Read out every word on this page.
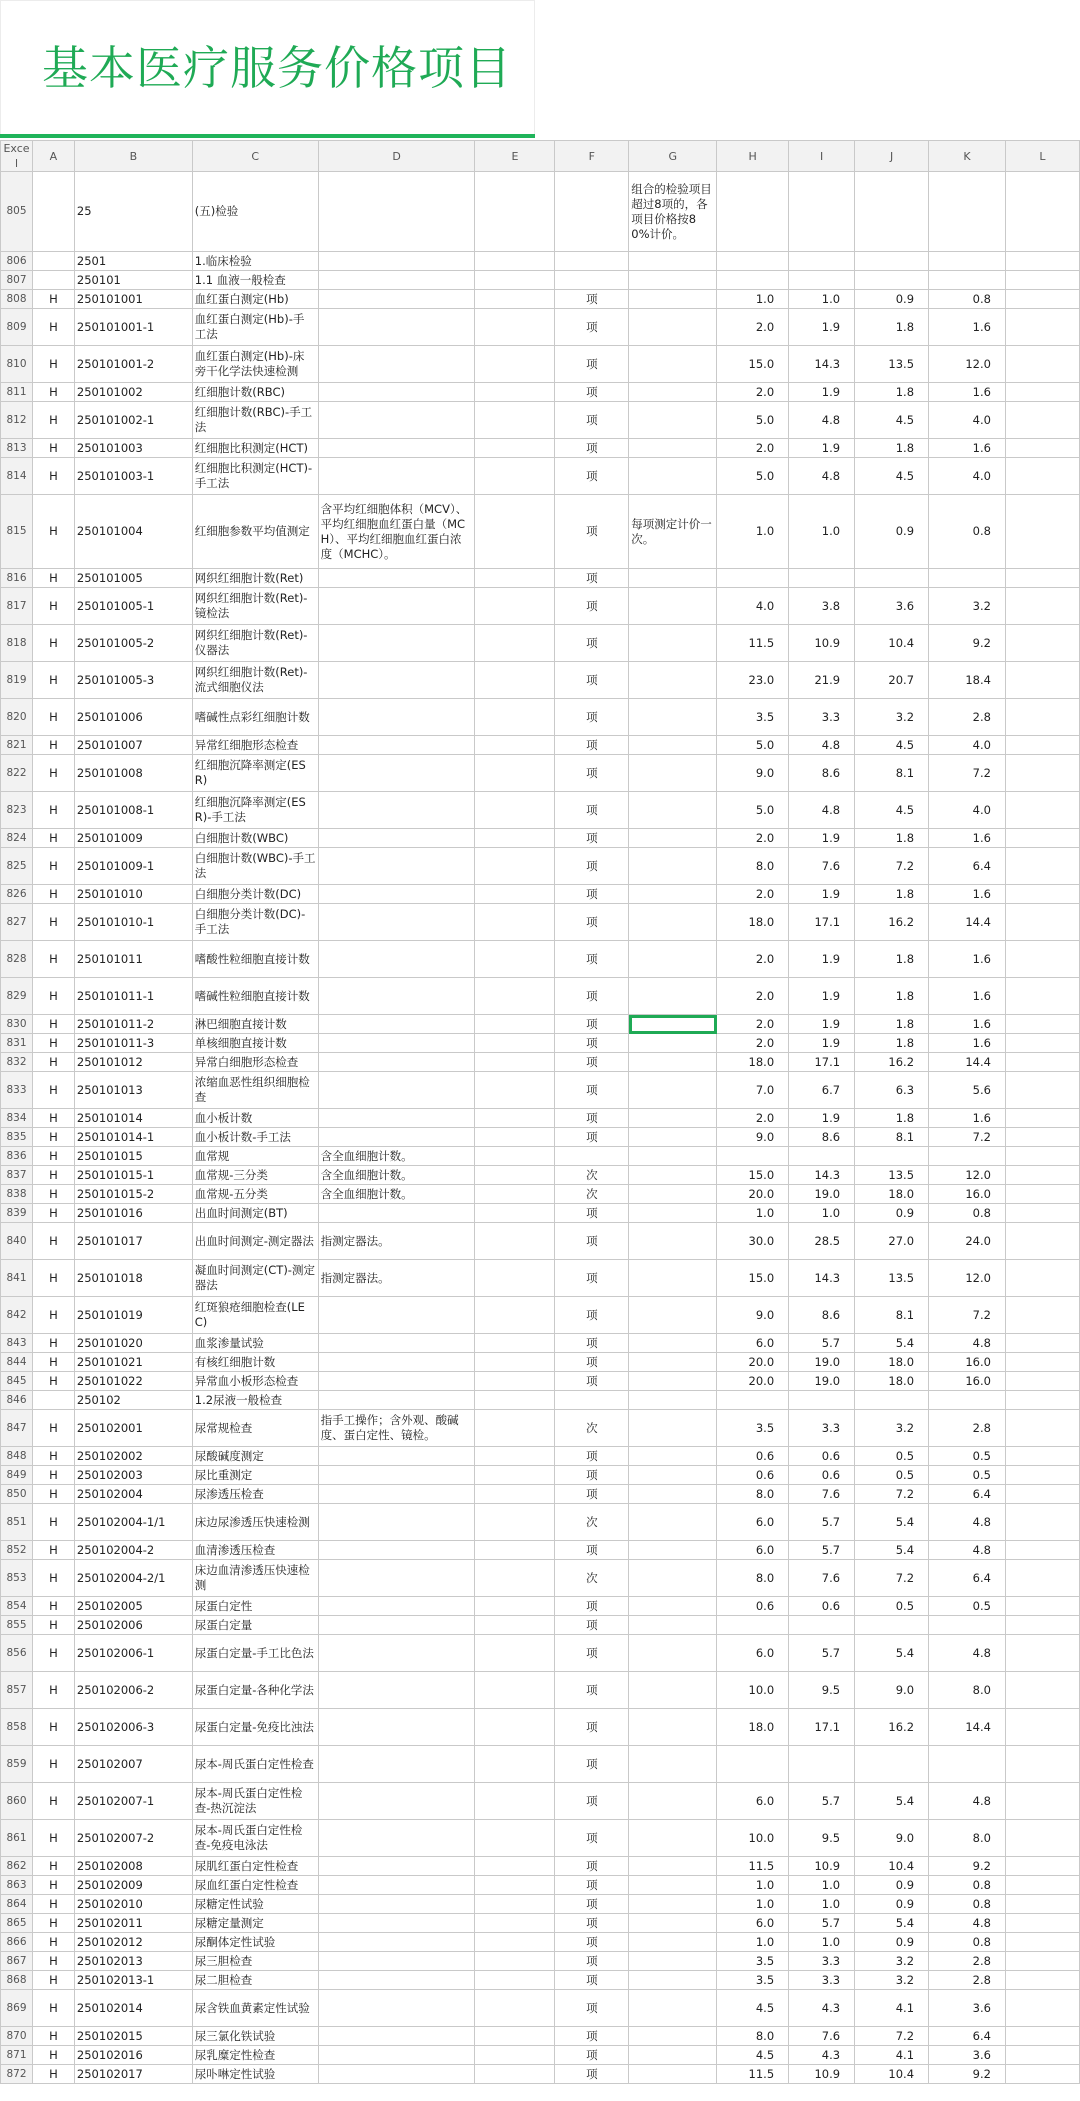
基本医疗服务价格项目
Excel	A	B	C	D	E	F	G	H	I	J	K	L
805		25	(五)检验				组合的检验项目超过8项的，各项目价格按80%计价。					
806		2501	1.临床检验									
807		250101	1.1 血液一般检查									
808	H	250101001	血红蛋白测定(Hb)			项		1.0	1.0	0.9	0.8	
809	H	250101001-1	血红蛋白测定(Hb)-手工法			项		2.0	1.9	1.8	1.6	
810	H	250101001-2	血红蛋白测定(Hb)-床旁干化学法快速检测			项		15.0	14.3	13.5	12.0	
811	H	250101002	红细胞计数(RBC)			项		2.0	1.9	1.8	1.6	
812	H	250101002-1	红细胞计数(RBC)-手工法			项		5.0	4.8	4.5	4.0	
813	H	250101003	红细胞比积测定(HCT)			项		2.0	1.9	1.8	1.6	
814	H	250101003-1	红细胞比积测定(HCT)-手工法			项		5.0	4.8	4.5	4.0	
815	H	250101004	红细胞参数平均值测定	含平均红细胞体积（MCV）、平均红细胞血红蛋白量（MCH）、平均红细胞血红蛋白浓度（MCHC）。		项	每项测定计价一次。	1.0	1.0	0.9	0.8	
816	H	250101005	网织红细胞计数(Ret)			项						
817	H	250101005-1	网织红细胞计数(Ret)-镜检法			项		4.0	3.8	3.6	3.2	
818	H	250101005-2	网织红细胞计数(Ret)-仪器法			项		11.5	10.9	10.4	9.2	
819	H	250101005-3	网织红细胞计数(Ret)-流式细胞仪法			项		23.0	21.9	20.7	18.4	
820	H	250101006	嗜碱性点彩红细胞计数			项		3.5	3.3	3.2	2.8	
821	H	250101007	异常红细胞形态检查			项		5.0	4.8	4.5	4.0	
822	H	250101008	红细胞沉降率测定(ESR)			项		9.0	8.6	8.1	7.2	
823	H	250101008-1	红细胞沉降率测定(ESR)-手工法			项		5.0	4.8	4.5	4.0	
824	H	250101009	白细胞计数(WBC)			项		2.0	1.9	1.8	1.6	
825	H	250101009-1	白细胞计数(WBC)-手工法			项		8.0	7.6	7.2	6.4	
826	H	250101010	白细胞分类计数(DC)			项		2.0	1.9	1.8	1.6	
827	H	250101010-1	白细胞分类计数(DC)-手工法			项		18.0	17.1	16.2	14.4	
828	H	250101011	嗜酸性粒细胞直接计数			项		2.0	1.9	1.8	1.6	
829	H	250101011-1	嗜碱性粒细胞直接计数			项		2.0	1.9	1.8	1.6	
830	H	250101011-2	淋巴细胞直接计数			项		2.0	1.9	1.8	1.6	
831	H	250101011-3	单核细胞直接计数			项		2.0	1.9	1.8	1.6	
832	H	250101012	异常白细胞形态检查			项		18.0	17.1	16.2	14.4	
833	H	250101013	浓缩血恶性组织细胞检查			项		7.0	6.7	6.3	5.6	
834	H	250101014	血小板计数			项		2.0	1.9	1.8	1.6	
835	H	250101014-1	血小板计数-手工法			项		9.0	8.6	8.1	7.2	
836	H	250101015	血常规	含全血细胞计数。								
837	H	250101015-1	血常规-三分类	含全血细胞计数。		次		15.0	14.3	13.5	12.0	
838	H	250101015-2	血常规-五分类	含全血细胞计数。		次		20.0	19.0	18.0	16.0	
839	H	250101016	出血时间测定(BT)			项		1.0	1.0	0.9	0.8	
840	H	250101017	出血时间测定-测定器法	指测定器法。		项		30.0	28.5	27.0	24.0	
841	H	250101018	凝血时间测定(CT)-测定器法	指测定器法。		项		15.0	14.3	13.5	12.0	
842	H	250101019	红斑狼疮细胞检查(LEC)			项		9.0	8.6	8.1	7.2	
843	H	250101020	血浆渗量试验			项		6.0	5.7	5.4	4.8	
844	H	250101021	有核红细胞计数			项		20.0	19.0	18.0	16.0	
845	H	250101022	异常血小板形态检查			项		20.0	19.0	18.0	16.0	
846		250102	1.2尿液一般检查									
847	H	250102001	尿常规检查	指手工操作；含外观、酸碱度、蛋白定性、镜检。		次		3.5	3.3	3.2	2.8	
848	H	250102002	尿酸碱度测定			项		0.6	0.6	0.5	0.5	
849	H	250102003	尿比重测定			项		0.6	0.6	0.5	0.5	
850	H	250102004	尿渗透压检查			项		8.0	7.6	7.2	6.4	
851	H	250102004-1/1	床边尿渗透压快速检测			次		6.0	5.7	5.4	4.8	
852	H	250102004-2	血清渗透压检查			项		6.0	5.7	5.4	4.8	
853	H	250102004-2/1	床边血清渗透压快速检测			次		8.0	7.6	7.2	6.4	
854	H	250102005	尿蛋白定性			项		0.6	0.6	0.5	0.5	
855	H	250102006	尿蛋白定量			项						
856	H	250102006-1	尿蛋白定量-手工比色法			项		6.0	5.7	5.4	4.8	
857	H	250102006-2	尿蛋白定量-各种化学法			项		10.0	9.5	9.0	8.0	
858	H	250102006-3	尿蛋白定量-免疫比浊法			项		18.0	17.1	16.2	14.4	
859	H	250102007	尿本-周氏蛋白定性检查			项						
860	H	250102007-1	尿本-周氏蛋白定性检查-热沉淀法			项		6.0	5.7	5.4	4.8	
861	H	250102007-2	尿本-周氏蛋白定性检查-免疫电泳法			项		10.0	9.5	9.0	8.0	
862	H	250102008	尿肌红蛋白定性检查			项		11.5	10.9	10.4	9.2	
863	H	250102009	尿血红蛋白定性检查			项		1.0	1.0	0.9	0.8	
864	H	250102010	尿糖定性试验			项		1.0	1.0	0.9	0.8	
865	H	250102011	尿糖定量测定			项		6.0	5.7	5.4	4.8	
866	H	250102012	尿酮体定性试验			项		1.0	1.0	0.9	0.8	
867	H	250102013	尿三胆检查			项		3.5	3.3	3.2	2.8	
868	H	250102013-1	尿二胆检查			项		3.5	3.3	3.2	2.8	
869	H	250102014	尿含铁血黄素定性试验			项		4.5	4.3	4.1	3.6	
870	H	250102015	尿三氯化铁试验			项		8.0	7.6	7.2	6.4	
871	H	250102016	尿乳糜定性检查			项		4.5	4.3	4.1	3.6	
872	H	250102017	尿卟啉定性试验			项		11.5	10.9	10.4	9.2	
